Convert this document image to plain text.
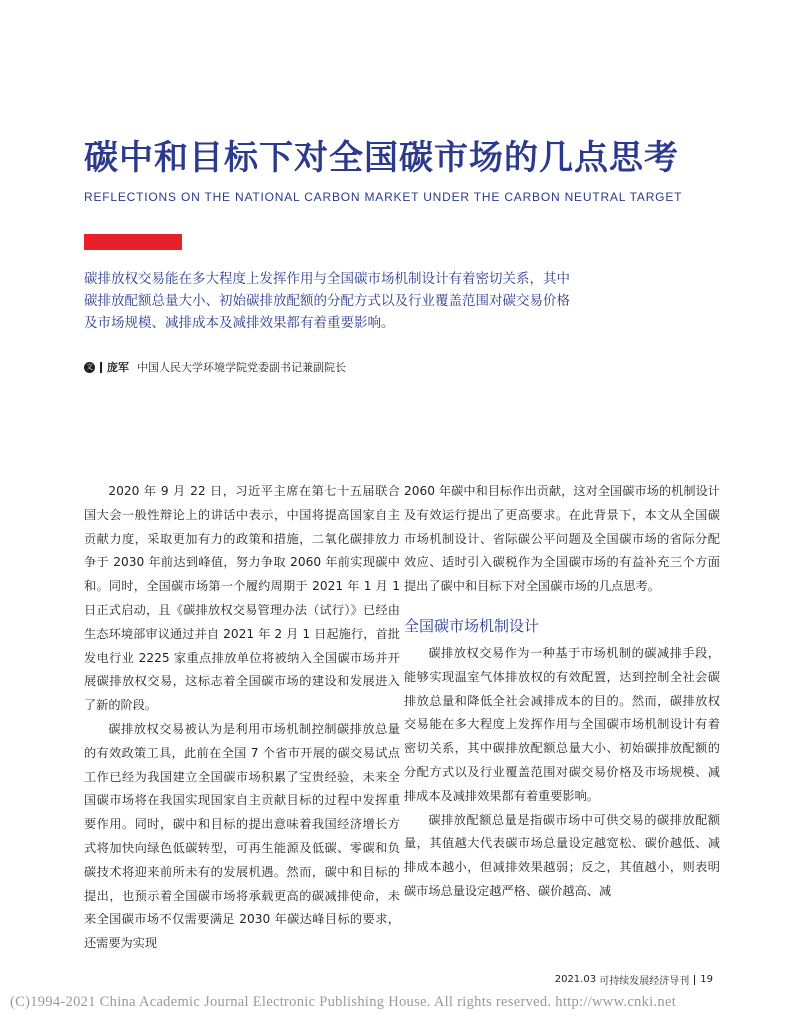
碳中和目标下对全国碳市场的几点思考
REFLECTIONS ON THE NATIONAL CARBON MARKET UNDER THE CARBON NEUTRAL TARGET

碳排放权交易能在多大程度上发挥作用与全国碳市场机制设计有着密切关系，其中

碳排放配额总量大小、初始碳排放配额的分配方式以及行业覆盖范围对碳交易价格

及市场规模、减排成本及减排效果都有着重要影响。

文 庞军 中国人民大学环境学院党委副书记兼副院长

2020 年 9 月 22 日，习近平主席在第七十五届联合国大会一般性辩论上的讲话中表示，中国将提高国家自主贡献力度，采取更加有力的政策和措施，二氧化碳排放力争于 2030 年前达到峰值，努力争取 2060 年前实现碳中和。同时，全国碳市场第一个履约周期于 2021 年 1 月 1 日正式启动，且《碳排放权交易管理办法（试行）》已经由生态环境部审议通过并自 2021 年 2 月 1 日起施行，首批发电行业 2225 家重点排放单位将被纳入全国碳市场并开展碳排放权交易，这标志着全国碳市场的建设和发展进入了新的阶段。

碳排放权交易被认为是利用市场机制控制碳排放总量的有效政策工具，此前在全国 7 个省市开展的碳交易试点工作已经为我国建立全国碳市场积累了宝贵经验，未来全国碳市场将在我国实现国家自主贡献目标的过程中发挥重要作用。同时，碳中和目标的提出意味着我国经济增长方式将加快向绿色低碳转型，可再生能源及低碳、零碳和负碳技术将迎来前所未有的发展机遇。然而，碳中和目标的提出，也预示着全国碳市场将承载更高的碳减排使命，未来全国碳市场不仅需要满足 2030 年碳达峰目标的要求，还需要为实现

2060 年碳中和目标作出贡献，这对全国碳市场的机制设计及有效运行提出了更高要求。在此背景下，本文从全国碳市场机制设计、省际碳公平问题及全国碳市场的省际分配效应、适时引入碳税作为全国碳市场的有益补充三个方面提出了碳中和目标下对全国碳市场的几点思考。

全国碳市场机制设计

碳排放权交易作为一种基于市场机制的碳减排手段，能够实现温室气体排放权的有效配置，达到控制全社会碳排放总量和降低全社会减排成本的目的。然而，碳排放权交易能在多大程度上发挥作用与全国碳市场机制设计有着密切关系，其中碳排放配额总量大小、初始碳排放配额的分配方式以及行业覆盖范围对碳交易价格及市场规模、减排成本及减排效果都有着重要影响。

碳排放配额总量是指碳市场中可供交易的碳排放配额量，其值越大代表碳市场总量设定越宽松、碳价越低、减排成本越小，但减排效果越弱；反之，其值越小，则表明碳市场总量设定越严格、碳价越高、减

2021.03
可持续发展经济导刊 19
(C)1994-2021 China Academic Journal Electronic Publishing House. All rights reserved. http://www.cnki.net
